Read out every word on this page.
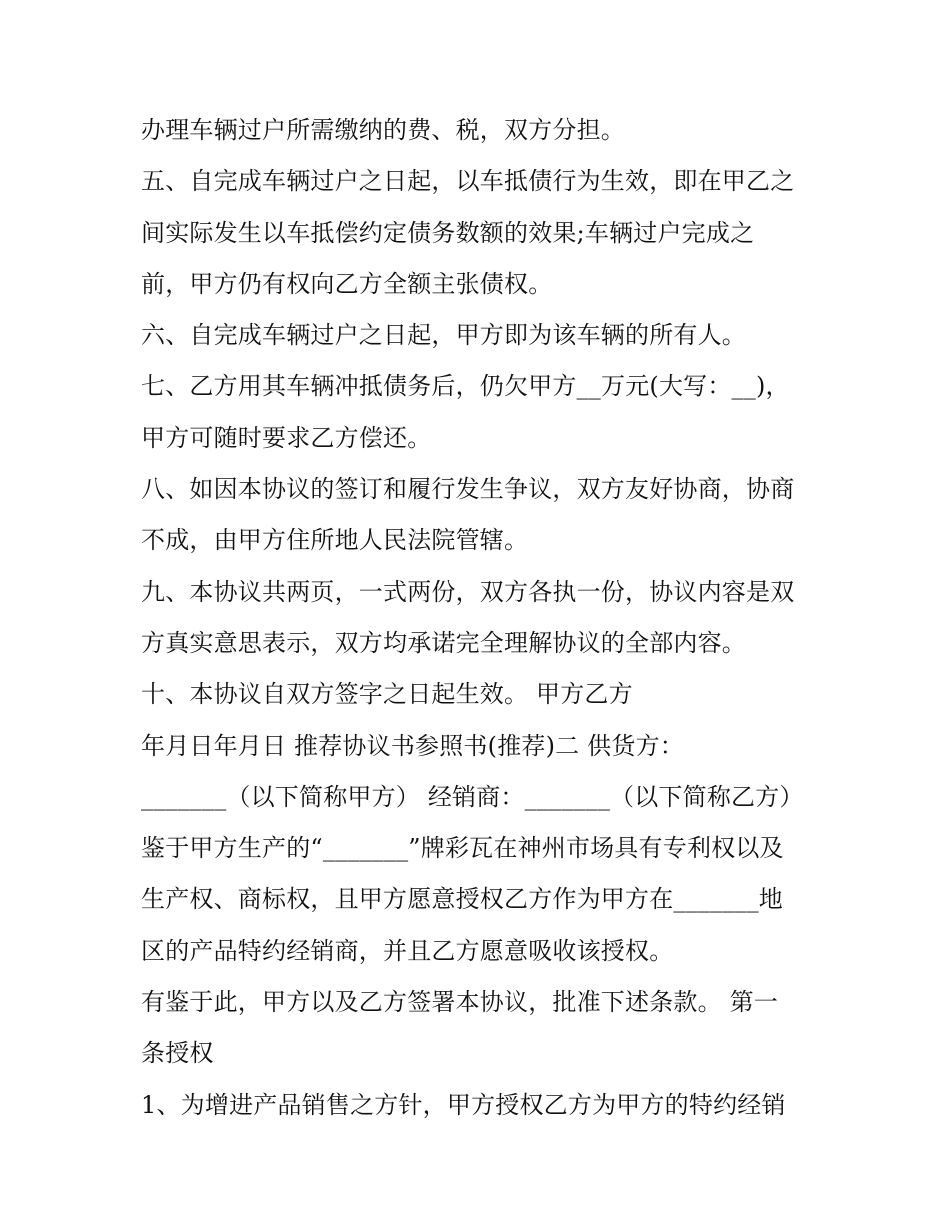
办理车辆过户所需缴纳的费、税，双方分担。
五、自完成车辆过户之日起，以车抵债行为生效，即在甲乙之
间实际发生以车抵偿约定债务数额的效果;车辆过户完成之
前，甲方仍有权向乙方全额主张债权。
六、自完成车辆过户之日起，甲方即为该车辆的所有人。
七、乙方用其车辆冲抵债务后，仍欠甲方__万元(大写：__)，
甲方可随时要求乙方偿还。
八、如因本协议的签订和履行发生争议，双方友好协商，协商
不成，由甲方住所地人民法院管辖。
九、本协议共两页，一式两份，双方各执一份，协议内容是双
方真实意思表示，双方均承诺完全理解协议的全部内容。
十、本协议自双方签字之日起生效。 甲方乙方
年月日年月日 推荐协议书参照书(推荐)二 供货方：
_______（以下简称甲方） 经销商：_______（以下简称乙方）
鉴于甲方生产的“_______”牌彩瓦在神州市场具有专利权以及
生产权、商标权，且甲方愿意授权乙方作为甲方在_______地
区的产品特约经销商，并且乙方愿意吸收该授权。
有鉴于此，甲方以及乙方签署本协议，批准下述条款。 第一
条授权
1、为增进产品销售之方针，甲方授权乙方为甲方的特约经销
